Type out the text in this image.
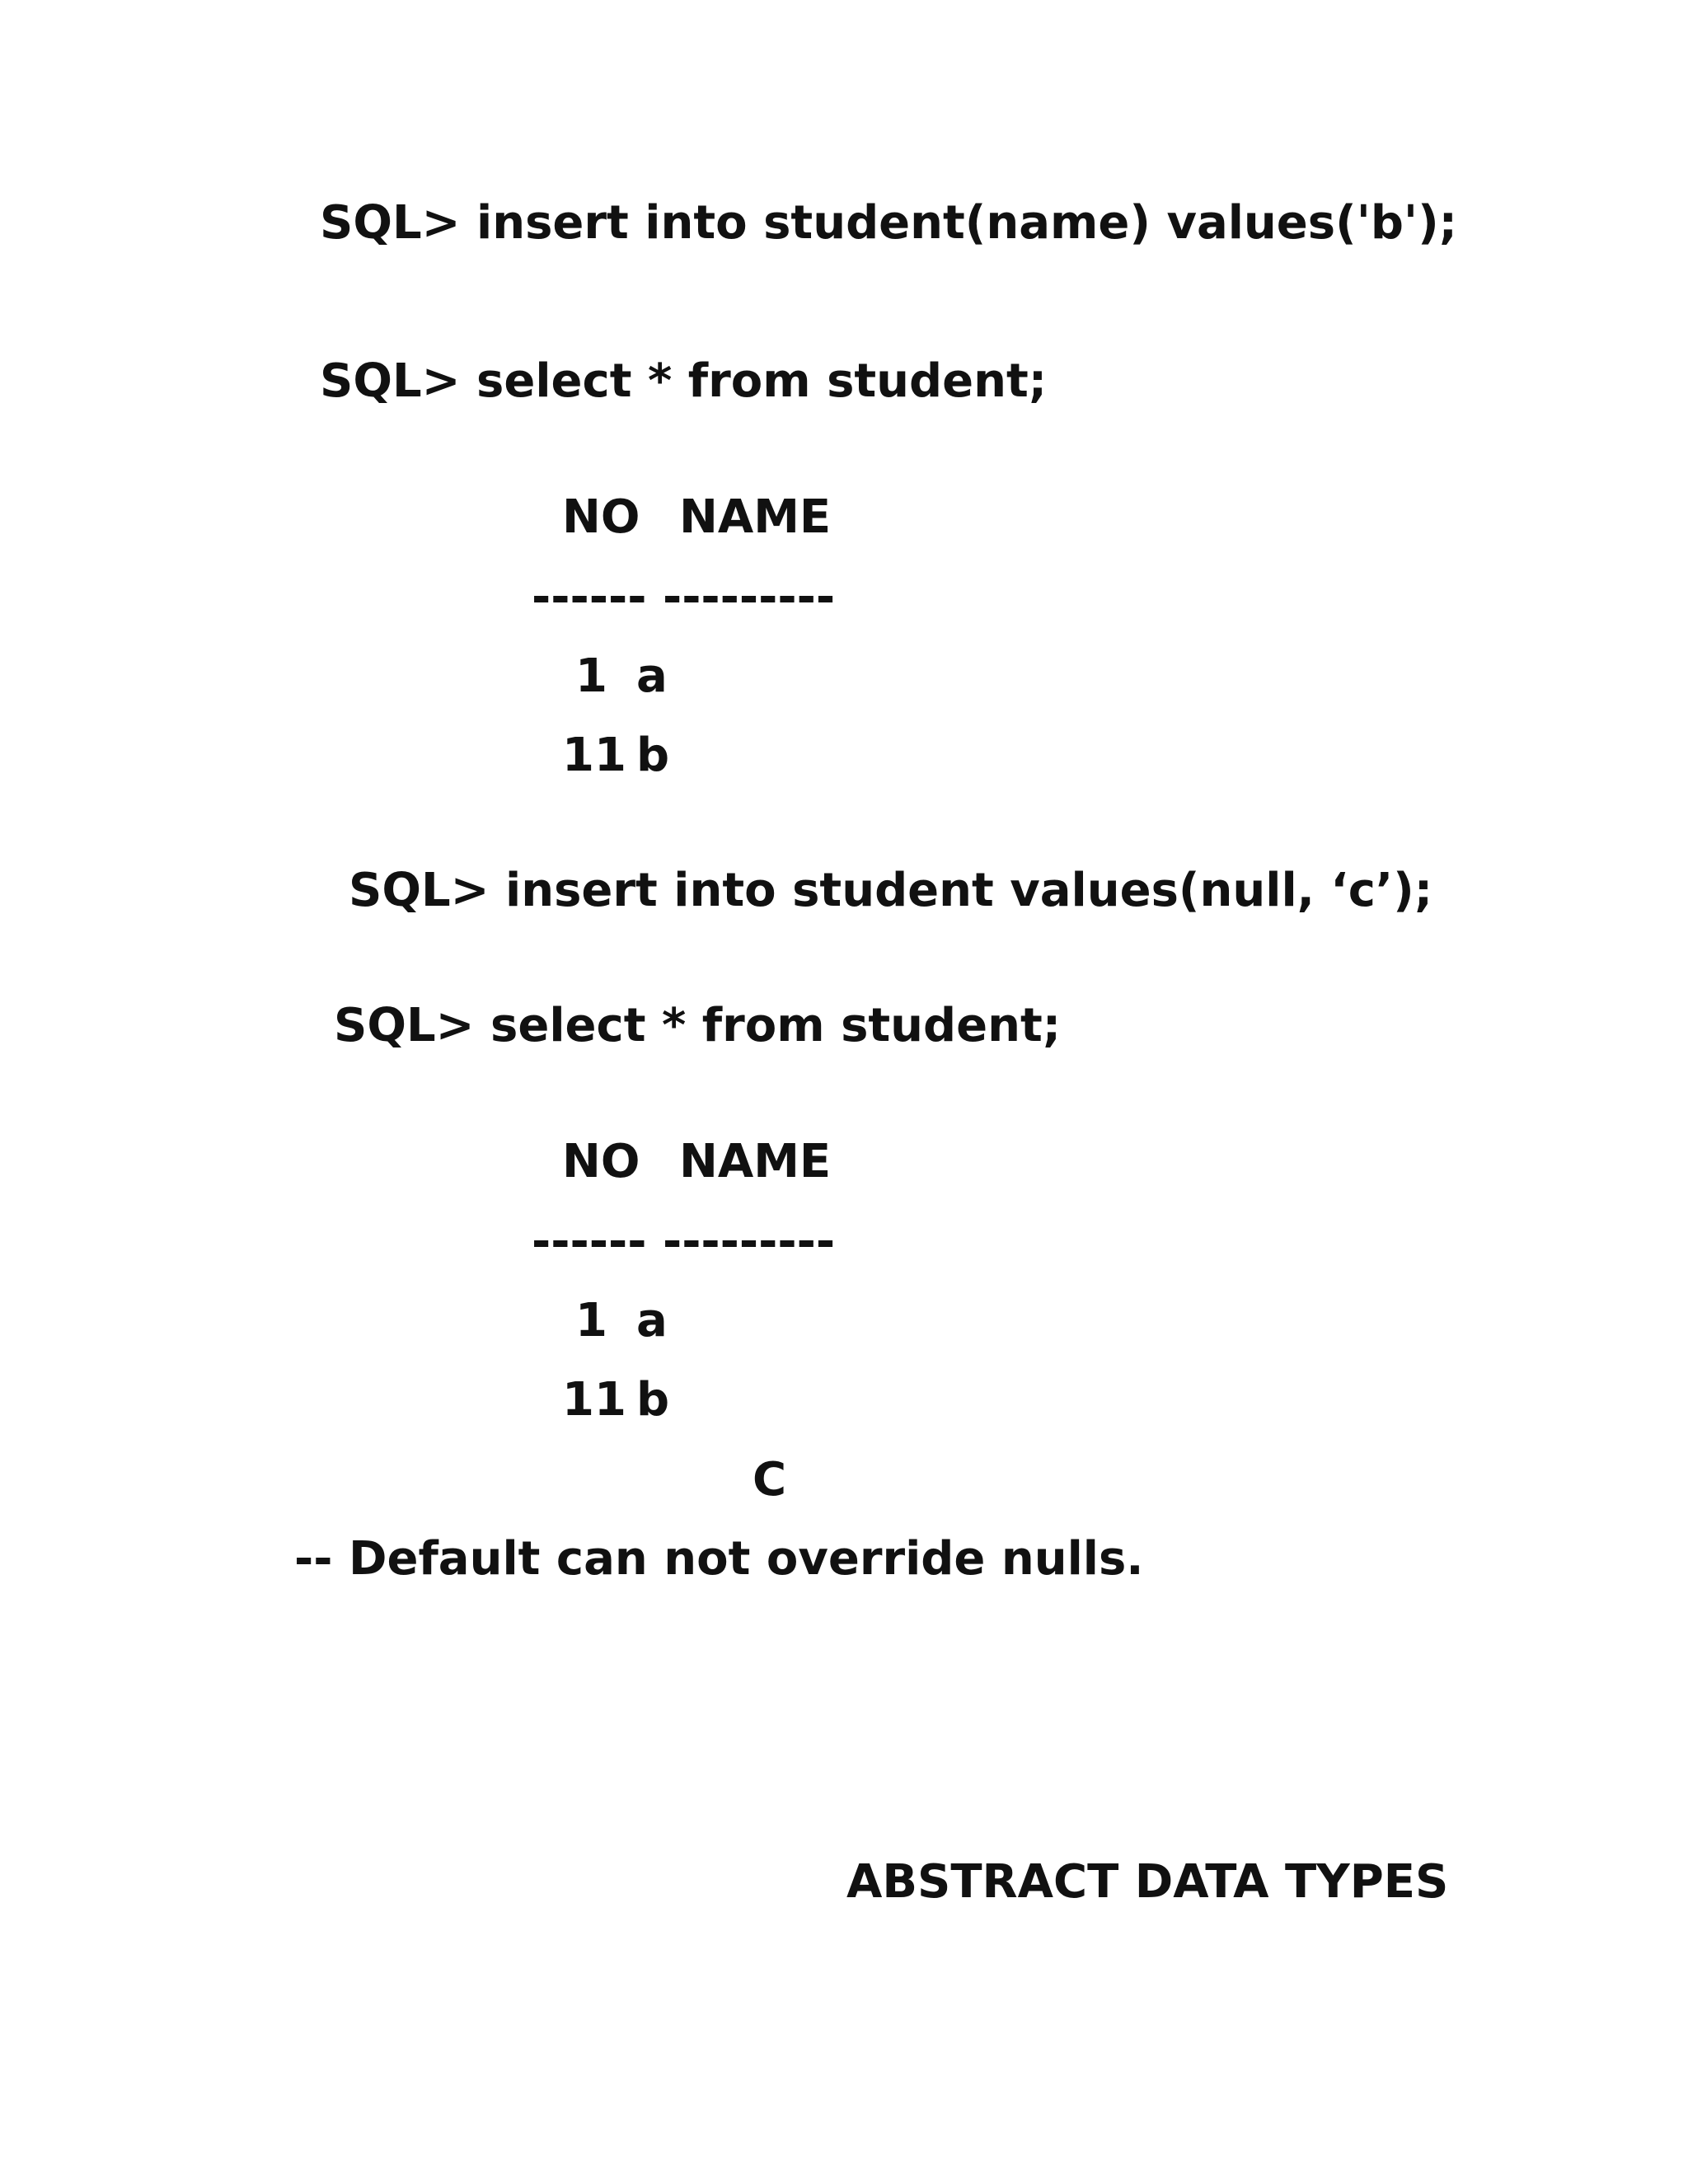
SQL> insert into student(name) values('b');

SQL> select * from student;

NO NAME

------ ---------

1 a

11 b

SQL> insert into student values(null, ‘c’);

SQL> select * from student;

NO NAME

------ ---------

1 a

11 b

C

-- Default can not override nulls.

ABSTRACT DATA TYPES
